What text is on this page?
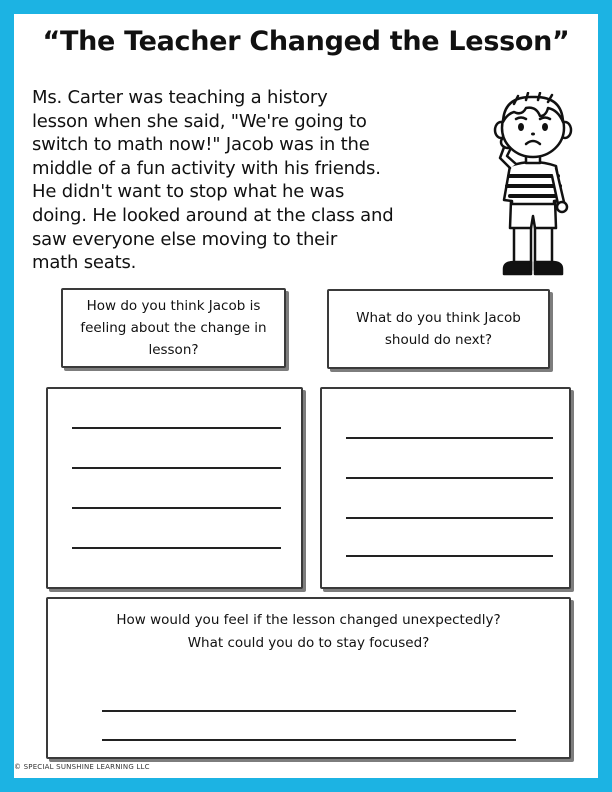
“The Teacher Changed the Lesson”

Ms. Carter was teaching a history
lesson when she said, "We're going to
switch to math now!" Jacob was in the
middle of a fun activity with his friends.
He didn't want to stop what he was
doing. He looked around at the class and
saw everyone else moving to their
math seats.

How do you think Jacob is
feeling about the change in
lesson?
What do you think Jacob
should do next?
How would you feel if the lesson changed unexpectedly?
What could you do to stay focused?
© SPECIAL SUNSHINE LEARNING LLC
